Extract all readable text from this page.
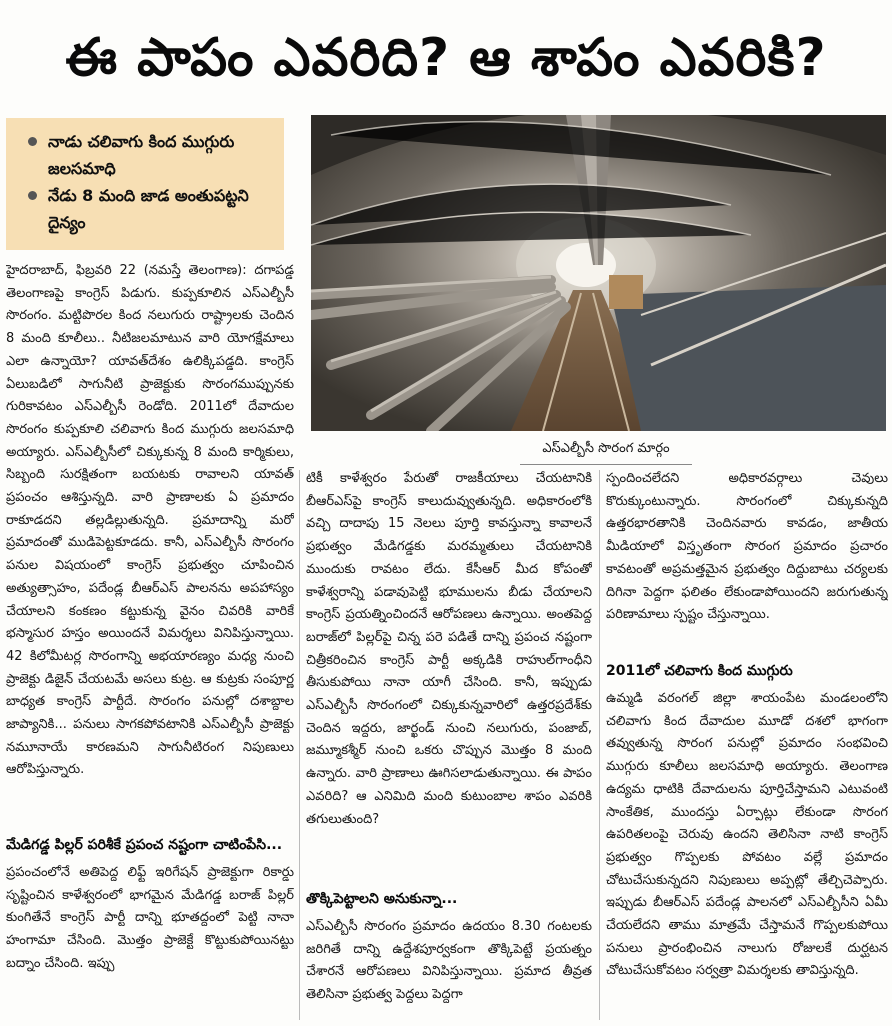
ఈ పాపం ఎవరిది? ఆ శాపం ఎవరికి?
నాడు చలివాగు కింద ముగ్గురు జలసమాధి
నేడు 8 మంది జాడ అంతుపట్టని దైన్యం
ఎస్‌ఎల్బీసీ సొరంగ మార్గం

హైదరాబాద్, ఫిబ్రవరి 22 (నమస్తే తెలంగాణ): దగాపడ్డ తెలంగాణపై కాంగ్రెస్ పిడుగు. కుప్పకూలిన ఎస్‌ఎల్బీసీ సొరంగం. మట్టిపొరల కింద నలుగురు రాష్ట్రాలకు చెందిన 8 మంది కూలీలు.. నీటిజలమాటున వారి యోగక్షేమాలు ఎలా ఉన్నాయో? యావత్‌దేశం ఉలిక్కిపడ్డది. కాంగ్రెస్ ఏలుబడిలో సాగునీటి ప్రాజెక్టుకు సొరంగముప్పునకు గురికావటం ఎస్‌ఎల్బీసీ రెండోది. 2011లో దేవాదుల సొరంగం కుప్పకూలి చలివాగు కింద ముగ్గురు జలసమాధి అయ్యారు. ఎస్‌ఎల్బీసీలో చిక్కుకున్న 8 మంది కార్మికులు, సిబ్బంది సురక్షితంగా బయటకు రావాలని యావత్ ప్రపంచం ఆశిస్తున్నది. వారి ప్రాణాలకు ఏ ప్రమాదం రాకూడదని తల్లడిల్లుతున్నది. ప్రమాదాన్ని మరో ప్రమాదంతో ముడిపెట్టకూడదు. కానీ, ఎస్‌ఎల్బీసీ సొరంగం పనుల విషయంలో కాంగ్రెస్ ప్రభుత్వం చూపించిన అత్యుత్సాహం, పదేండ్ల బీఆర్ఎస్ పాలనను అపహాస్యం చేయాలని కంకణం కట్టుకున్న వైనం చివరికి వారికే భస్మాసుర హస్తం అయిందనే విమర్శలు వినిపిస్తున్నాయి. 42 కిలోమీటర్ల సొరంగాన్ని అభయారణ్యం మధ్య నుంచి ప్రాజెక్టు డిజైన్ చేయటమే అసలు కుట్ర. ఆ కుట్రకు సంపూర్ణ బాధ్యత కాంగ్రెస్ పార్టీదే. సొరంగం పనుల్లో దశాబ్దాల జాప్యానికి... పనులు సాగకపోవటానికి ఎస్‌ఎల్బీసీ ప్రాజెక్టు నమూనాయే కారణమని సాగునీటిరంగ నిపుణులు ఆరోపిస్తున్నారు.

మేడిగడ్డ పిల్లర్ పరిశీకే ప్రపంచ నష్టంగా చాటింపేసి...

ప్రపంచంలోనే అతిపెద్ద లిఫ్ట్ ఇరిగేషన్ ప్రాజెక్టుగా రికార్డు సృష్టించిన కాళేశ్వరంలో భాగమైన మేడిగడ్డ బరాజ్ పిల్లర్ కుంగితేనే కాంగ్రెస్ పార్టీ దాన్ని భూతద్దంలో పెట్టి నానా హంగామా చేసింది. మొత్తం ప్రాజెక్టే కొట్టుకుపోయినట్టు బద్నాం చేసింది. ఇప్పు

టికీ కాళేశ్వరం పేరుతో రాజకీయాలు చేయటానికి బీఆర్ఎస్‌పై కాంగ్రెస్ కాలుదువ్వుతున్నది. అధికారంలోకి వచ్చి దాదాపు 15 నెలలు పూర్తి కావస్తున్నా కావాలనే ప్రభుత్వం మేడిగడ్డకు మరమ్మతులు చేయటానికి ముందుకు రావటం లేదు. కేసీఆర్ మీద కోపంతో కాళేశ్వరాన్ని పడావుపెట్టి భూములను బీడు చేయాలని కాంగ్రెస్ ప్రయత్నించిందనే ఆరోపణలు ఉన్నాయి. అంతపెద్ద బరాజ్‌లో పిల్లర్‌పై చిన్న పరె పడితే దాన్ని ప్రపంచ నష్టంగా చిత్రీకరించిన కాంగ్రెస్ పార్టీ అక్కడికి రాహుల్‌గాంధీని తీసుకుపోయి నానా యాగీ చేసింది. కానీ, ఇప్పుడు ఎస్‌ఎల్బీసీ సొరంగంలో చిక్కుకున్నవారిలో ఉత్తరప్రదేశ్‌కు చెందిన ఇద్దరు, జార్ఖండ్ నుంచి నలుగురు, పంజాబ్, జమ్మూకశ్మీర్ నుంచి ఒకరు చొప్పున మొత్తం 8 మంది ఉన్నారు. వారి ప్రాణాలు ఊగిసలాడుతున్నాయి. ఈ పాపం ఎవరిది? ఆ ఎనిమిది మంది కుటుంబాల శాపం ఎవరికి తగులుతుంది?

తొక్కిపెట్టాలని అనుకున్నా...

ఎస్‌ఎల్బీసీ సొరంగం ప్రమాదం ఉదయం 8.30 గంటలకు జరిగితే దాన్ని ఉద్దేశపూర్వకంగా తొక్కిపెట్టే ప్రయత్నం చేశారనే ఆరోపణలు వినిపిస్తున్నాయి. ప్రమాద తీవ్రత తెలిసినా ప్రభుత్వ పెద్దలు పెద్దగా

స్పందించలేదని అధికారవర్గాలు చెవులు కొరుక్కుంటున్నారు. సొరంగంలో చిక్కుకున్నది ఉత్తరభారతానికి చెందినవారు కావడం, జాతీయ మీడియాలో విస్తృతంగా సొరంగ ప్రమాదం ప్రచారం కావటంతో అప్రమత్తమైన ప్రభుత్వం దిద్దుబాటు చర్యలకు దిగినా పెద్దగా ఫలితం లేకుండాపోయిందని జరుగుతున్న పరిణామాలు స్పష్టం చేస్తున్నాయి.

2011లో చలివాగు కింద ముగ్గురు

ఉమ్మడి వరంగల్ జిల్లా శాయంపేట మండలంలోని చలివాగు కింద దేవాదుల మూడో దశలో భాగంగా తవ్వుతున్న సొరంగ పనుల్లో ప్రమాదం సంభవించి ముగ్గురు కూలీలు జలసమాధి అయ్యారు. తెలంగాణ ఉద్యమ ధాటికి దేవాదులను పూర్తిచేస్తామని ఎటువంటి సాంకేతిక, ముందస్తు ఏర్పాట్లు లేకుండా సొరంగ ఉపరితలంపై చెరువు ఉందని తెలిసినా నాటి కాంగ్రెస్ ప్రభుత్వం గొప్పలకు పోవటం వల్లే ప్రమాదం చోటుచేసుకున్నదని నిపుణులు అప్పట్లో తేల్చిచెప్పారు. ఇప్పుడు బీఆర్ఎస్ పదేండ్ల పాలనలో ఎస్‌ఎల్బీసీని ఏమీ చేయలేదని తాము మాత్రమే చేస్తామనే గొప్పలకుపోయి పనులు ప్రారంభించిన నాలుగు రోజులకే దుర్ఘటన చోటుచేసుకోవటం సర్వత్రా విమర్శలకు తావిస్తున్నది.
